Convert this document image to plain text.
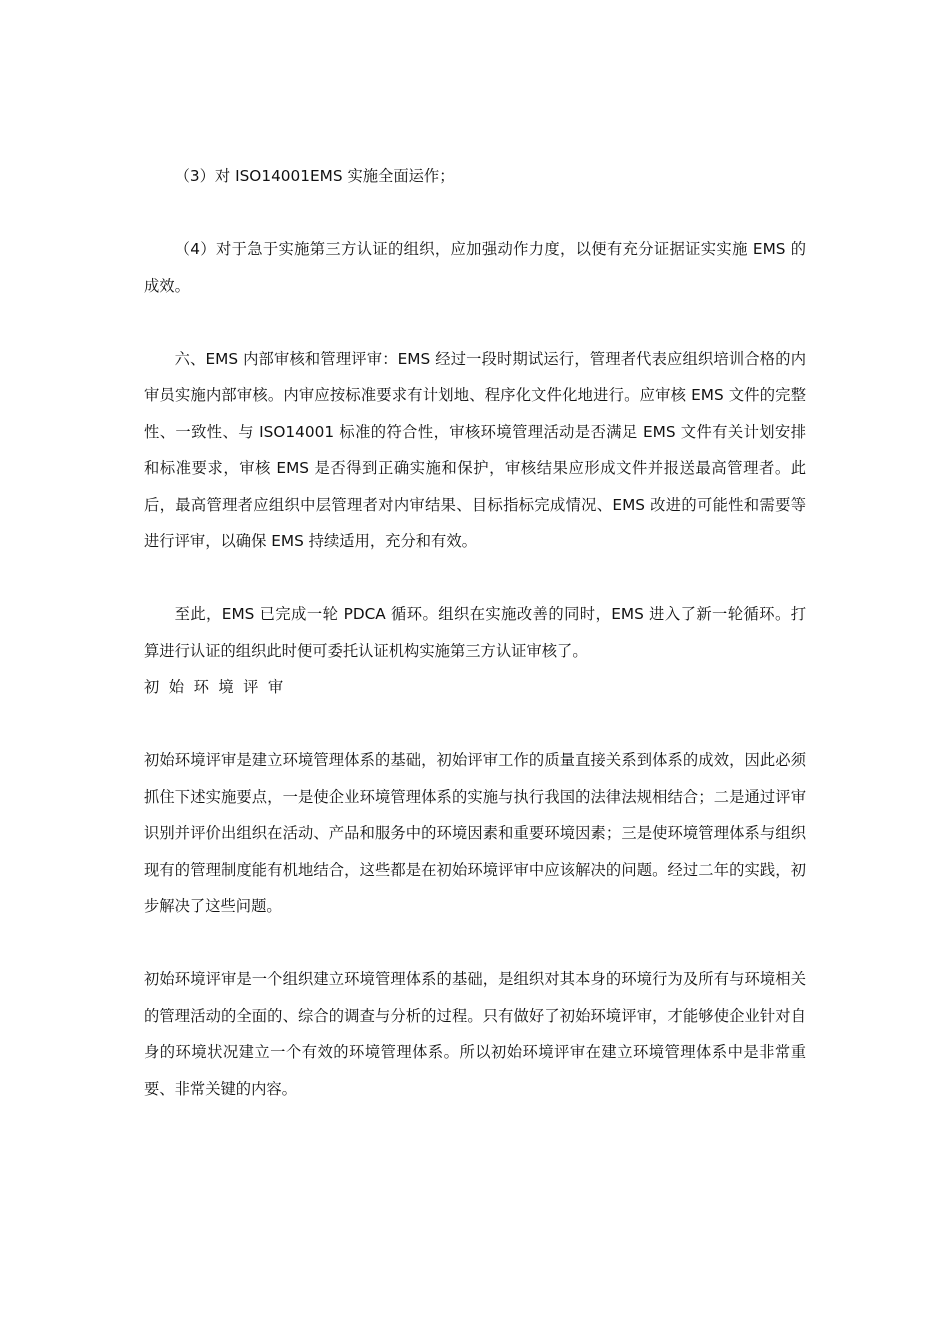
（3）对 ISO14001EMS 实施全面运作；

（4）对于急于实施第三方认证的组织，应加强动作力度，以便有充分证据证实实施 EMS 的成效。

六、EMS 内部审核和管理评审：EMS 经过一段时期试运行，管理者代表应组织培训合格的内审员实施内部审核。内审应按标准要求有计划地、程序化文件化地进行。应审核 EMS 文件的完整性、一致性、与 ISO14001 标准的符合性，审核环境管理活动是否满足 EMS 文件有关计划安排和标准要求，审核 EMS 是否得到正确实施和保护，审核结果应形成文件并报送最高管理者。此后，最高管理者应组织中层管理者对内审结果、目标指标完成情况、EMS 改进的可能性和需要等进行评审，以确保 EMS 持续适用，充分和有效。

至此，EMS 已完成一轮 PDCA 循环。组织在实施改善的同时，EMS 进入了新一轮循环。打算进行认证的组织此时便可委托认证机构实施第三方认证审核了。

初始环境评审

初始环境评审是建立环境管理体系的基础，初始评审工作的质量直接关系到体系的成效，因此必须抓住下述实施要点，一是使企业环境管理体系的实施与执行我国的法律法规相结合；二是通过评审识别并评价出组织在活动、产品和服务中的环境因素和重要环境因素；三是使环境管理体系与组织现有的管理制度能有机地结合，这些都是在初始环境评审中应该解决的问题。经过二年的实践，初步解决了这些问题。

初始环境评审是一个组织建立环境管理体系的基础，是组织对其本身的环境行为及所有与环境相关的管理活动的全面的、综合的调查与分析的过程。只有做好了初始环境评审，才能够使企业针对自身的环境状况建立一个有效的环境管理体系。所以初始环境评审在建立环境管理体系中是非常重要、非常关键的内容。
